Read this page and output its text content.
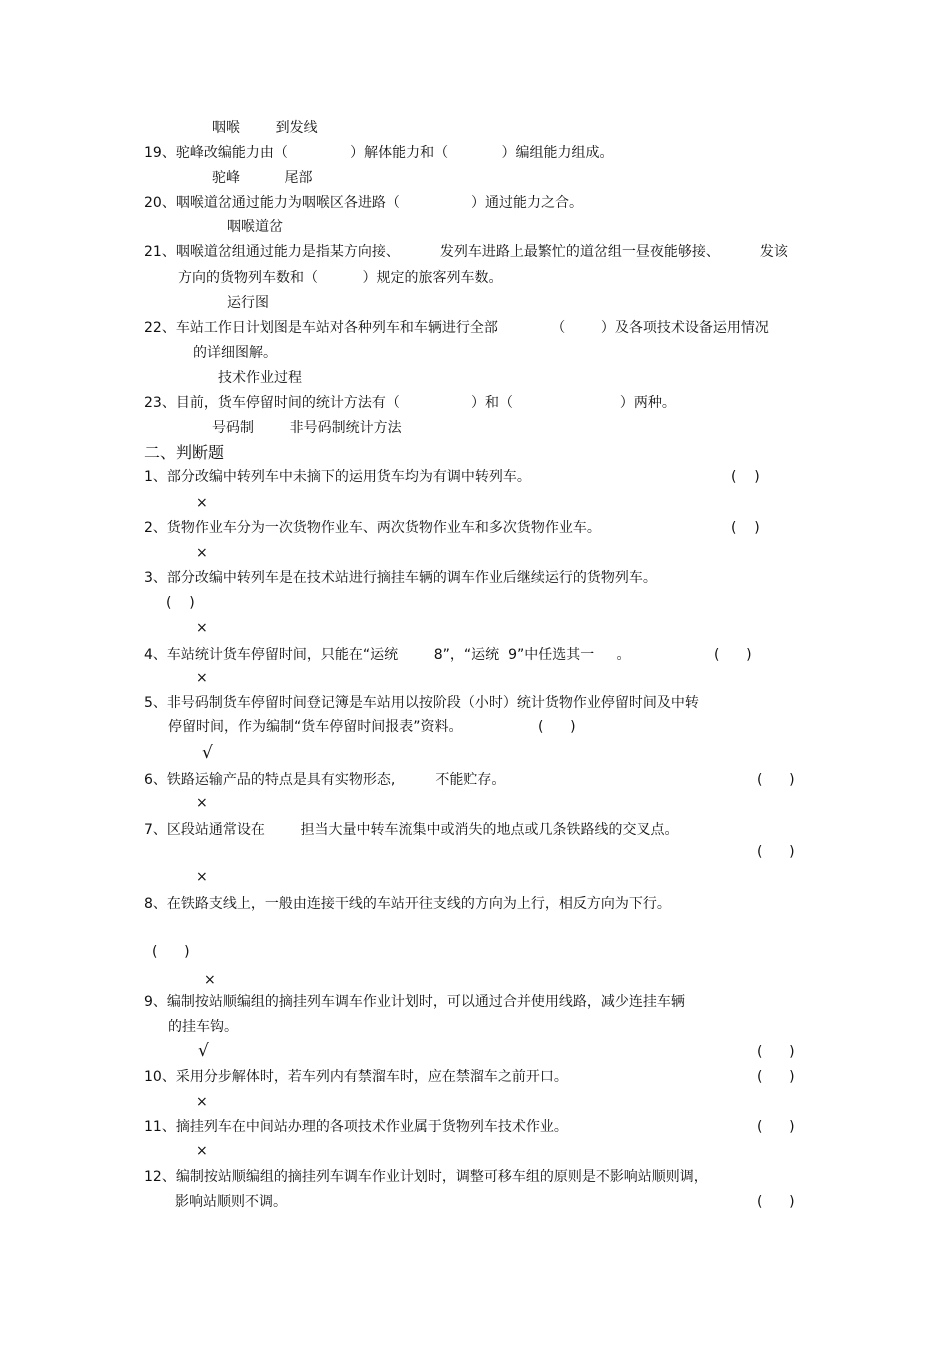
咽喉        到发线
19、驼峰改编能力由（              ）解体能力和（            ）编组能力组成。
驼峰          尾部
20、咽喉道岔通过能力为咽喉区各进路（                ）通过能力之合。
咽喉道岔
21、咽喉道岔组通过能力是指某方向接、         发列车进路上最繁忙的道岔组一昼夜能够接、         发该
方向的货物列车数和（          ）规定的旅客列车数。
运行图
22、车站工作日计划图是车站对各种列车和车辆进行全部            （        ）及各项技术设备运用情况
的详细图解。
技术作业过程
23、目前，货车停留时间的统计方法有（                ）和（                        ）两种。
号码制        非号码制统计方法
二、判断题
1、部分改编中转列车中未摘下的运用货车均为有调中转列车。	(    )
×
2、货物作业车分为一次货物作业车、两次货物作业车和多次货物作业车。	(    )
×
3、部分改编中转列车是在技术站进行摘挂车辆的调车作业后继续运行的货物列车。
(    )
×
4、车站统计货车停留时间，只能在“运统        8”，“运统  9”中任选其一     。	(      )
×
5、非号码制货车停留时间登记簿是车站用以按阶段（小时）统计货物作业停留时间及中转
停留时间，作为编制“货车停留时间报表”资料。	(      )
√
6、铁路运输产品的特点是具有实物形态,         不能贮存。	(      )
×
7、区段站通常设在        担当大量中转车流集中或消失的地点或几条铁路线的交叉点。
(      )
×
8、在铁路支线上，一般由连接干线的车站开往支线的方向为上行，相反方向为下行。
(      )
×
9、编制按站顺编组的摘挂列车调车作业计划时，可以通过合并使用线路，减少连挂车辆
的挂车钩。
√	(      )
10、采用分步解体时，若车列内有禁溜车时，应在禁溜车之前开口。	(      )
×
11、摘挂列车在中间站办理的各项技术作业属于货物列车技术作业。	(      )
×
12、编制按站顺编组的摘挂列车调车作业计划时，调整可移车组的原则是不影响站顺则调，
影响站顺则不调。	(      )
